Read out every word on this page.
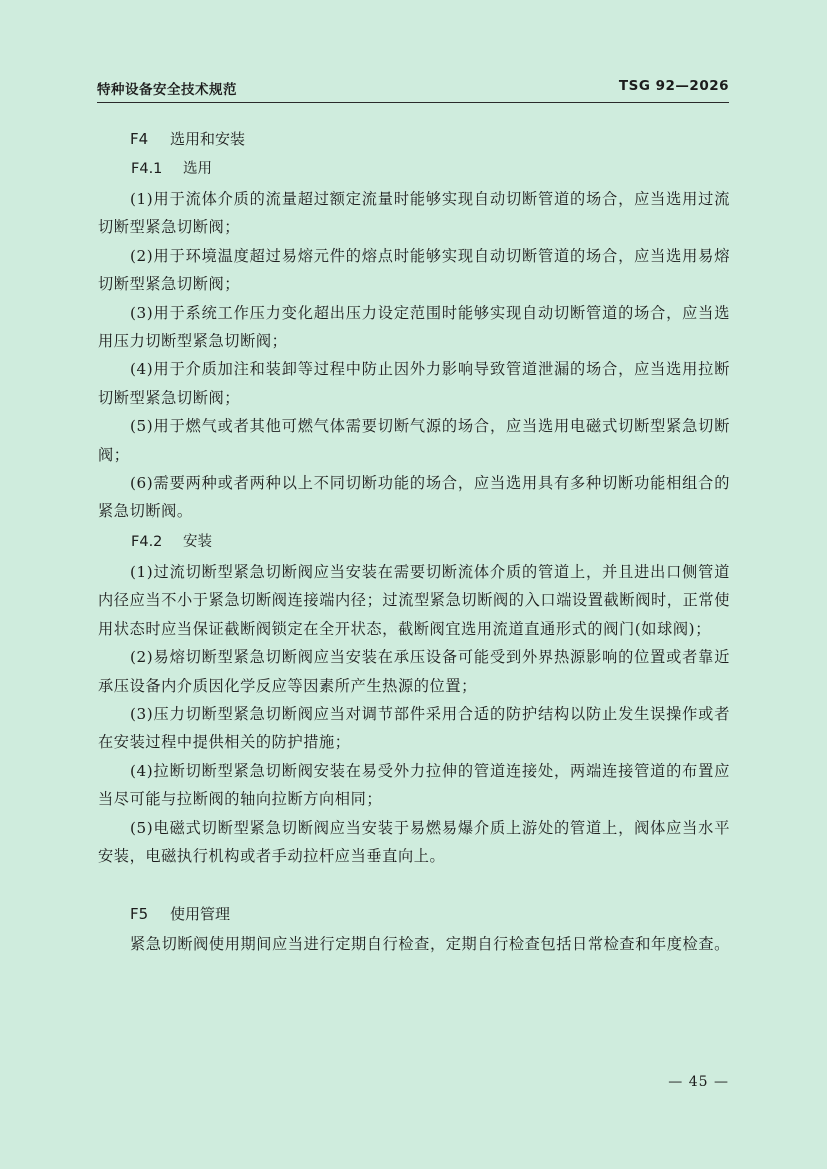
特种设备安全技术规范	TSG 92—2026

F4 选用和安装

F4.1 选用

(1)用于流体介质的流量超过额定流量时能够实现自动切断管道的场合，应当选用过流切断型紧急切断阀；

(2)用于环境温度超过易熔元件的熔点时能够实现自动切断管道的场合，应当选用易熔切断型紧急切断阀；

(3)用于系统工作压力变化超出压力设定范围时能够实现自动切断管道的场合，应当选用压力切断型紧急切断阀；

(4)用于介质加注和装卸等过程中防止因外力影响导致管道泄漏的场合，应当选用拉断切断型紧急切断阀；

(5)用于燃气或者其他可燃气体需要切断气源的场合，应当选用电磁式切断型紧急切断阀；

(6)需要两种或者两种以上不同切断功能的场合，应当选用具有多种切断功能相组合的紧急切断阀。

F4.2 安装

(1)过流切断型紧急切断阀应当安装在需要切断流体介质的管道上，并且进出口侧管道内径应当不小于紧急切断阀连接端内径；过流型紧急切断阀的入口端设置截断阀时，正常使用状态时应当保证截断阀锁定在全开状态，截断阀宜选用流道直通形式的阀门(如球阀)；

(2)易熔切断型紧急切断阀应当安装在承压设备可能受到外界热源影响的位置或者靠近承压设备内介质因化学反应等因素所产生热源的位置；

(3)压力切断型紧急切断阀应当对调节部件采用合适的防护结构以防止发生误操作或者在安装过程中提供相关的防护措施；

(4)拉断切断型紧急切断阀安装在易受外力拉伸的管道连接处，两端连接管道的布置应当尽可能与拉断阀的轴向拉断方向相同；

(5)电磁式切断型紧急切断阀应当安装于易燃易爆介质上游处的管道上，阀体应当水平安装，电磁执行机构或者手动拉杆应当垂直向上。

F5 使用管理

紧急切断阀使用期间应当进行定期自行检查，定期自行检查包括日常检查和年度检查。

— 45 —
